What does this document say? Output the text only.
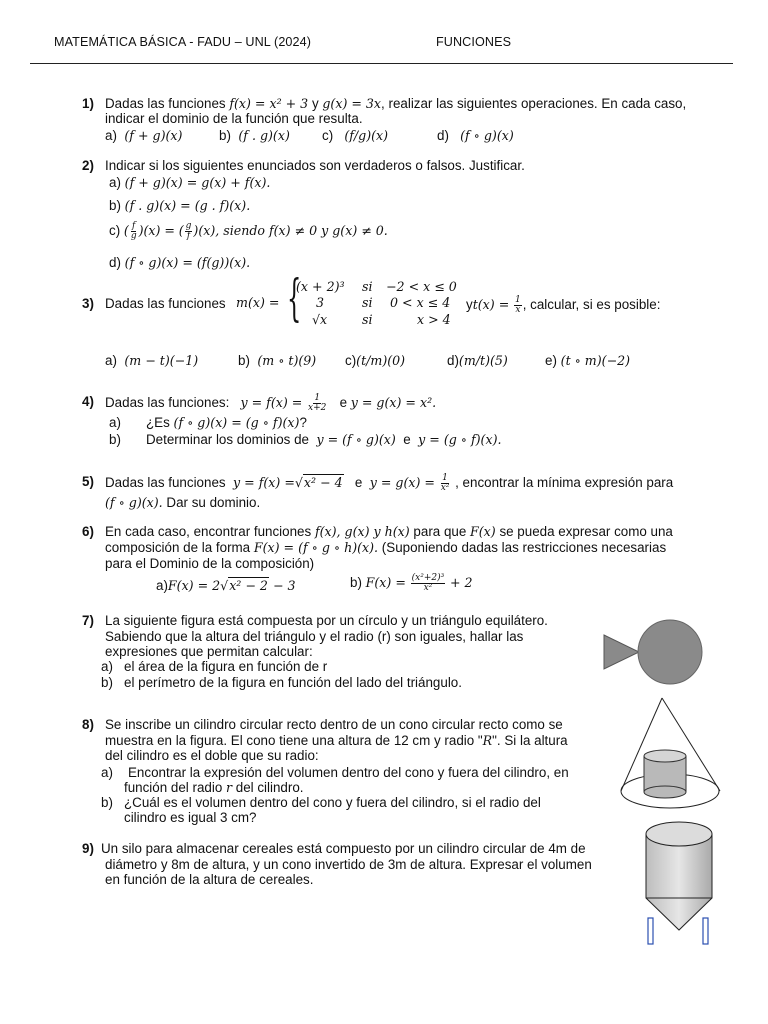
MATEMÁTICA BÁSICA - FADU – UNL (2024)	FUNCIONES
1) Dadas las funciones f(x) = x² + 3 y g(x) = 3x, realizar las siguientes operaciones. En cada caso,
indicar el dominio de la función que resulta.
a) (f + g)(x)	b) (f . g)(x) c) (f/g)(x)	d) (f ∘ g)(x)
2) Indicar si los siguientes enunciados son verdaderos o falsos. Justificar.
a) (f + g)(x) = g(x) + f(x).
b) (f . g)(x) = (g . f)(x).
c) ( $\frac{f}{g} )(x)$ = ( $\frac{g}{f} )(x)$, siendo f(x) ≠ 0 y g(x) ≠ 0.
d) (f ∘ g)(x) = (f(g))(x).
3) Dadas las funciones m(x) = {
(x + 2)³ si −2 < x ≤ 0
3	si 0 < x ≤ 4
√x	si	x > 4
$yt(x) = \frac{1}{x}$ , calcular, si es posible:
a) (m − t)(−1)	b) (m ∘ t)(9) c)(t/m)(0)	d)(m/t)(5)	e) (t ∘ m)(−2)
4) Dadas las funciones: $y = f(x) = \frac{1}{x+2}$ e y = g(x) = x².
a) ¿Es (f ∘ g)(x) = (g ∘ f)(x)?
b) Determinar los dominios de y = (f ∘ g)(x) e y = (g ∘ f)(x).
5) Dadas las funciones y = f(x) =√x² − 4 e $y = g(x) = \frac{1}{\text{x²}}$ , encontrar la mínima expresión para
(f ∘ g)(x). Dar su dominio.
6) En cada caso, encontrar funciones f(x), g(x) y h(x) para que F(x) se pueda expresar como una
composición de la forma F(x) = (f ∘ g ∘ h)(x). (Suponiendo dadas las restricciones necesarias
para el Dominio de la composición)
a)F(x) = 2√x² − 2 − 3	b) $F(x) = \frac{\text{(x²+2)³}}{\text{x²}} + 2$
7) La siguiente figura está compuesta por un círculo y un triángulo equilátero.
Sabiendo que la altura del triángulo y el radio (r) son iguales, hallar las
expresiones que permitan calcular:
a) el área de la figura en función de r
b) el perímetro de la figura en función del lado del triángulo.
8) Se inscribe un cilindro circular recto dentro de un cono circular recto como se
muestra en la figura. El cono tiene una altura de 12 cm y radio "R". Si la altura
del cilindro es el doble que su radio:
a) Encontrar la expresión del volumen dentro del cono y fuera del cilindro, en
función del radio r del cilindro.
b) ¿Cuál es el volumen dentro del cono y fuera del cilindro, si el radio del
cilindro es igual 3 cm?
9) Un silo para almacenar cereales está compuesto por un cilindro circular de 4m de
diámetro y 8m de altura, y un cono invertido de 3m de altura. Expresar el volumen
en función de la altura de cereales.
